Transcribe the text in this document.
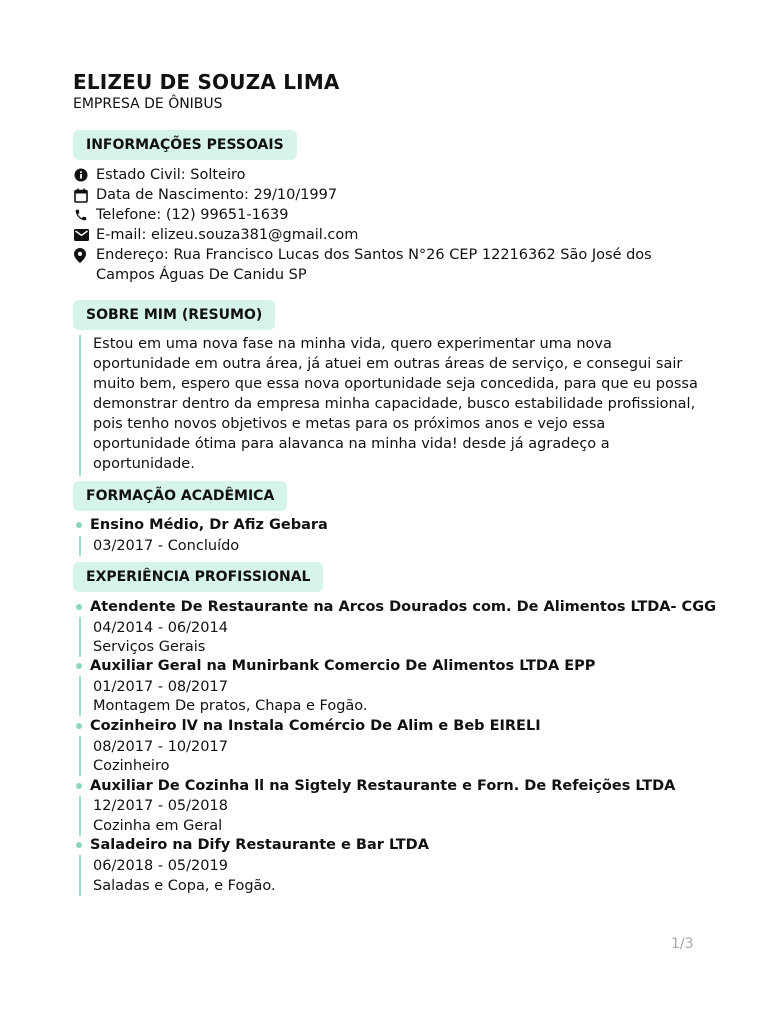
ELIZEU DE SOUZA LIMA
EMPRESA DE ÔNIBUS
INFORMAÇÕES PESSOAIS
Estado Civil: Solteiro
Data de Nascimento: 29/10/1997
Telefone: (12) 99651-1639
E-mail: elizeu.souza381@gmail.com
Endereço: Rua Francisco Lucas dos Santos N°26 CEP 12216362 São José dos
Campos Águas De Canidu SP
SOBRE MIM (RESUMO)
Estou em uma nova fase na minha vida, quero experimentar uma nova
oportunidade em outra área, já atuei em outras áreas de serviço, e consegui sair
muito bem, espero que essa nova oportunidade seja concedida, para que eu possa
demonstrar dentro da empresa minha capacidade, busco estabilidade profissional,
pois tenho novos objetivos e metas para os próximos anos e vejo essa
oportunidade ótima para alavanca na minha vida! desde já agradeço a
oportunidade.
FORMAÇÃO ACADÊMICA
Ensino Médio, Dr Afiz Gebara
03/2017 - Concluído
EXPERIÊNCIA PROFISSIONAL
Atendente De Restaurante na Arcos Dourados com. De Alimentos LTDA- CGG
04/2014 - 06/2014
Serviços Gerais
Auxiliar Geral na Munirbank Comercio De Alimentos LTDA EPP
01/2017 - 08/2017
Montagem De pratos, Chapa e Fogão.
Cozinheiro lV na Instala Comércio De Alim e Beb EIRELI
08/2017 - 10/2017
Cozinheiro
Auxiliar De Cozinha ll na Sigtely Restaurante e Forn. De Refeições LTDA
12/2017 - 05/2018
Cozinha em Geral
Saladeiro na Dify Restaurante e Bar LTDA
06/2018 - 05/2019
Saladas e Copa, e Fogão.
1/3
